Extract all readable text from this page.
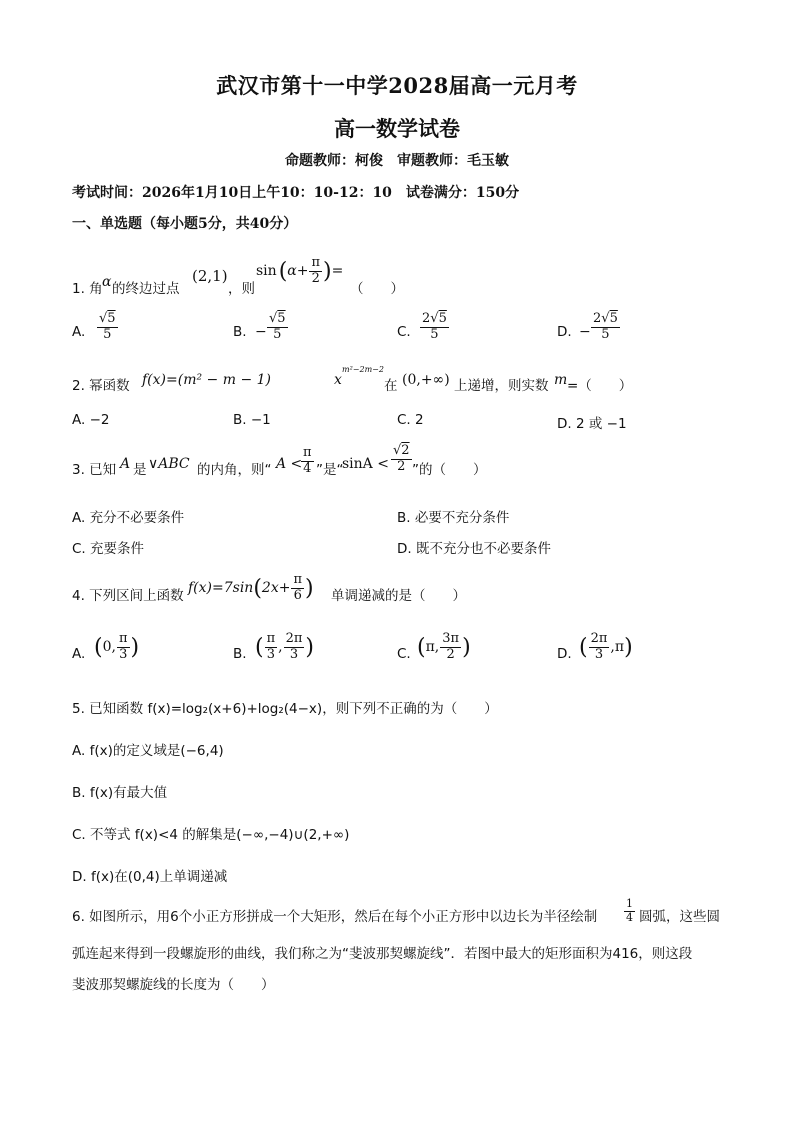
武汉市第十一中学2028届高一元月考
高一数学试卷
命题教师：柯俊　审题教师：毛玉敏
考试时间：2026年1月10日上午10：10-12：10　试卷满分：150分
一、单选题（每小题5分，共40分）
1. 角 α 的终边过点
(2,1)
，则
sin ( $\alpha + \frac{\pi}{2}$ ) =
（　　）
A. $\frac{√5}{5}$	B. − $\frac{√5}{5}$	C. $\frac{2√5}{5}$	D. − $\frac{2√5}{5}$
2. 幂函数 f(x)=(m² − m − 1)	x
m²−2m−2
在 (0,+∞) 上递增，则实数 m =（　　）
A. −2	B. −1	C. 2	D. 2 或 −1
3. 已知 A 是 ∨ABC 的内角，则“ A <
$\frac{\pi}{4}$ ”是“
$\sin A < \frac{√2}{2}$ ”的（　　）
A. 充分不必要条件	B. 必要不充分条件
C. 充要条件	D. 既不充分也不必要条件
4. 下列区间上函数 f(x)=7sin ( $2x+ \frac{\pi}{6}$ ) 单调递减的是（　　）
A. ( 0, $\frac{\pi}{3}$ )	B. ( $\frac{\pi}{3}$ , $\frac{2\pi}{3}$ )	C. ( π, $\frac{3\pi}{2}$ )	D. ( $\frac{2\pi}{3} ,\pi$ )
5. 已知函数 f(x)=log₂(x+6)+log₂(4−x)，则下列不正确的为（　　）
A. f(x)的定义域是(−6,4)
B. f(x)有最大值
C. 不等式 f(x)<4 的解集是(−∞,−4)∪(2,+∞)
D. f(x)在(0,4)上单调递减
6. 如图所示，用6个小正方形拼成一个大矩形，然后在每个小正方形中以边长为半径绘制 $\frac{1}{4}$ 圆弧，这些圆
弧连起来得到一段螺旋形的曲线，我们称之为“斐波那契螺旋线”．若图中最大的矩形面积为416，则这段
斐波那契螺旋线的长度为（　　）
